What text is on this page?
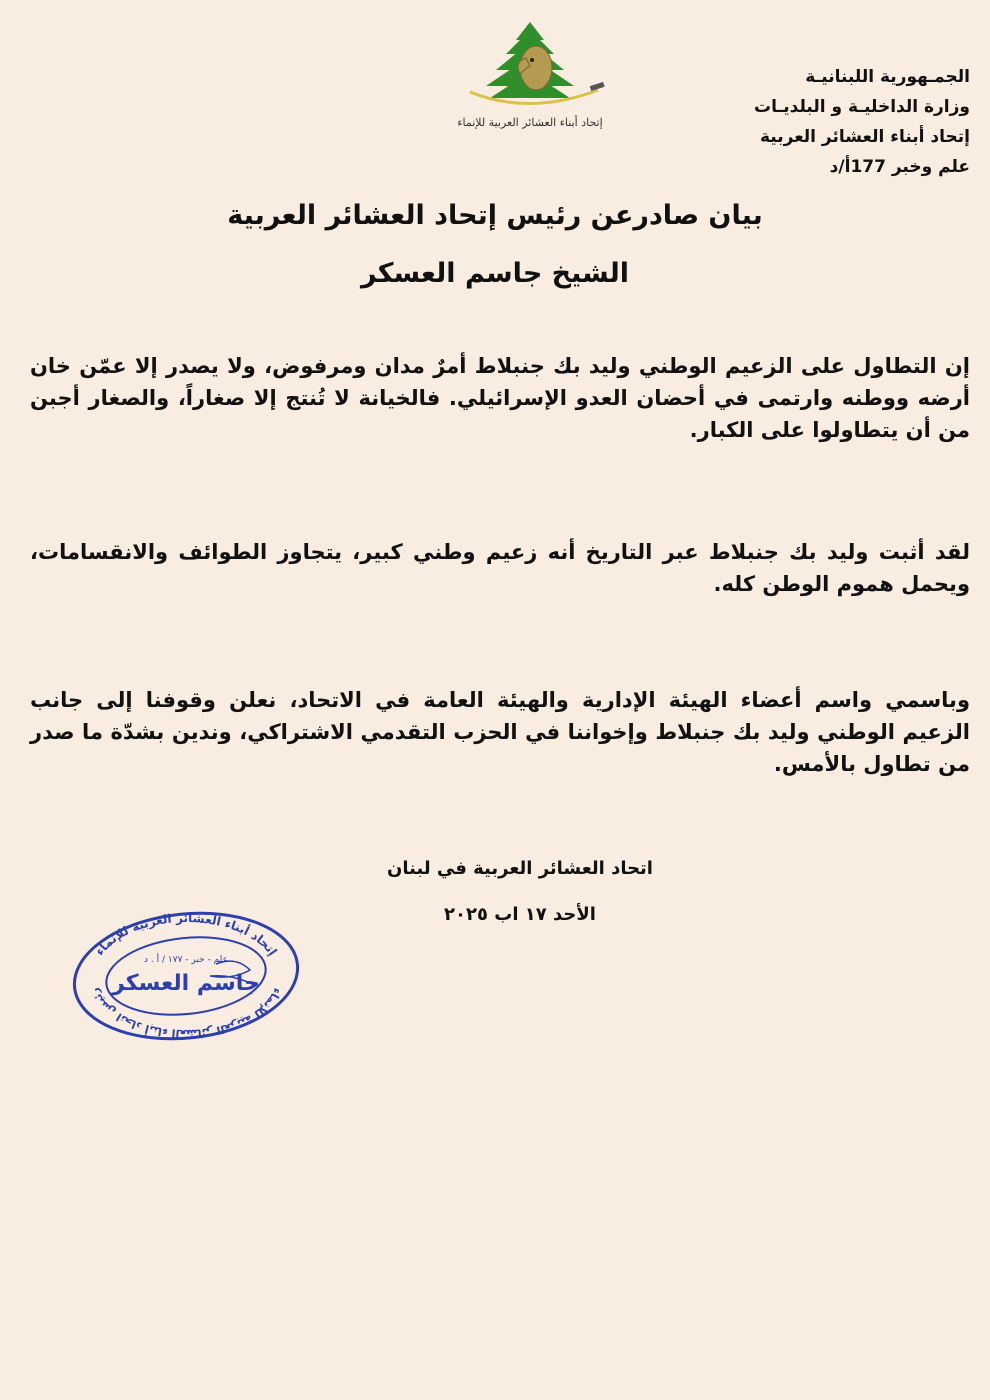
الجمـهورية اللبنانيـة
وزارة الداخليـة و البلديـات
إتحاد أبناء العشائر العربية
علم وخبر 177أ/د
إتحاد أبناء العشائر العربية للإنماء
بيان صادرعن رئيس إتحاد العشائر العربية
الشيخ جاسم العسكر
إن التطاول على الزعيم الوطني وليد بك جنبلاط أمرٌ مدان ومرفوض، ولا يصدر إلا عمّن خان أرضه ووطنه وارتمى في أحضان العدو الإسرائيلي. فالخيانة لا تُنتج إلا صغاراً، والصغار أجبن من أن يتطاولوا على الكبار.
لقد أثبت وليد بك جنبلاط عبر التاريخ أنه زعيم وطني كبير، يتجاوز الطوائف والانقسامات، ويحمل هموم الوطن كله.
وباسمي واسم أعضاء الهيئة الإدارية والهيئة العامة في الاتحاد، نعلن وقوفنا إلى جانب الزعيم الوطني وليد بك جنبلاط وإخواننا في الحزب التقدمي الاشتراكي، وندين بشدّة ما صدر من تطاول بالأمس.
اتحاد العشائر العربية في لبنان
الأحد ١٧ اب ٢٠٢٥
إتحاد أبناء العشائر العربية للإنماء
رئيس اتحاد أبناء العشائر العربية للإنماء
علم - خبر - ١٧٧ / أ . د
جاسم العسكر
